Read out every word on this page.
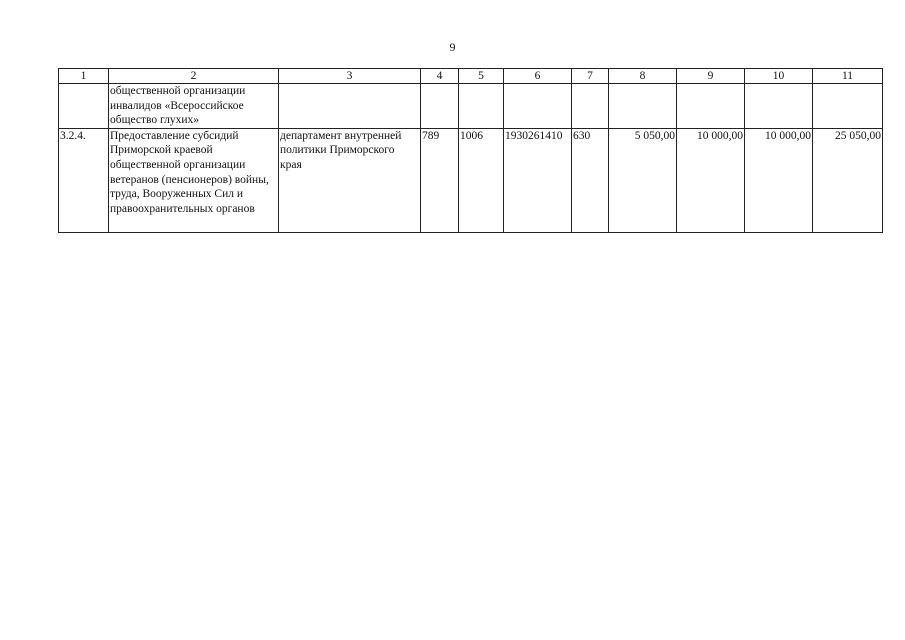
9
1	2	3	4	5	6	7	8	9	10	11

	общественной организации инвалидов «Всероссийское общество глухих»									

3.2.4.	Предоставление субсидий Приморской краевой общественной организации ветеранов (пенсионеров) войны, труда, Вооруженных Сил и правоохранительных органов	департамент внутренней политики Приморского края	789	1006	1930261410	630	5 050,00	10 000,00	10 000,00	25 050,00
